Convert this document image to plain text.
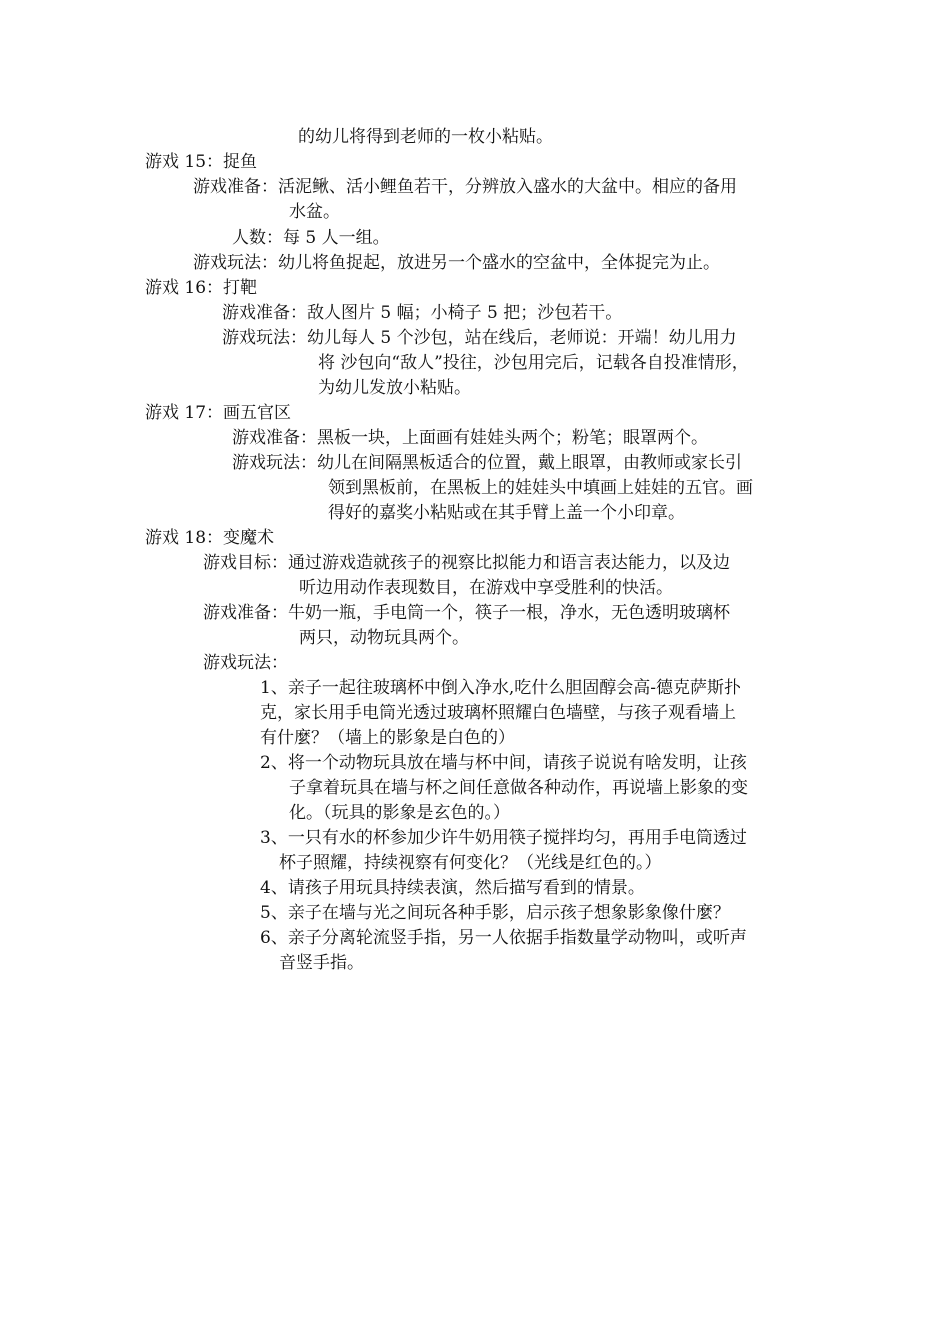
的幼儿将得到老师的一枚小粘贴。
游戏 15：捉鱼
游戏准备：活泥鳅、活小鲤鱼若干，分辨放入盛水的大盆中。相应的备用
水盆。
人数：每 5 人一组。
游戏玩法：幼儿将鱼捉起，放进另一个盛水的空盆中，全体捉完为止。
游戏 16：打靶
游戏准备：敌人图片 5 幅；小椅子 5 把；沙包若干。
游戏玩法：幼儿每人 5 个沙包，站在线后，老师说：开端！幼儿用力
将 沙包向“敌人”投往，沙包用完后，记载各自投准情形，
为幼儿发放小粘贴。
游戏 17：画五官区
游戏准备：黑板一块，上面画有娃娃头两个；粉笔；眼罩两个。
游戏玩法：幼儿在间隔黑板适合的位置，戴上眼罩，由教师或家长引
领到黑板前，在黑板上的娃娃头中填画上娃娃的五官。画
得好的嘉奖小粘贴或在其手臂上盖一个小印章。
游戏 18：变魔术
游戏目标：通过游戏造就孩子的视察比拟能力和语言表达能力，以及边
听边用动作表现数目，在游戏中享受胜利的快活。
游戏准备：牛奶一瓶，手电筒一个，筷子一根，净水，无色透明玻璃杯
两只，动物玩具两个。
游戏玩法：
1、亲子一起往玻璃杯中倒入净水,吃什么胆固醇会高-德克萨斯扑
克，家长用手电筒光透过玻璃杯照耀白色墙壁，与孩子观看墙上
有什麼？（墙上的影象是白色的）
2、将一个动物玩具放在墙与杯中间，请孩子说说有啥发明，让孩
子拿着玩具在墙与杯之间任意做各种动作，再说墙上影象的变
化。（玩具的影象是玄色的。）
3、一只有水的杯参加少许牛奶用筷子搅拌均匀，再用手电筒透过
杯子照耀，持续视察有何变化？（光线是红色的。）
4、请孩子用玩具持续表演，然后描写看到的情景。
5、亲子在墙与光之间玩各种手影，启示孩子想象影象像什麼？
6、亲子分离轮流竖手指，另一人依据手指数量学动物叫，或听声
音竖手指。
